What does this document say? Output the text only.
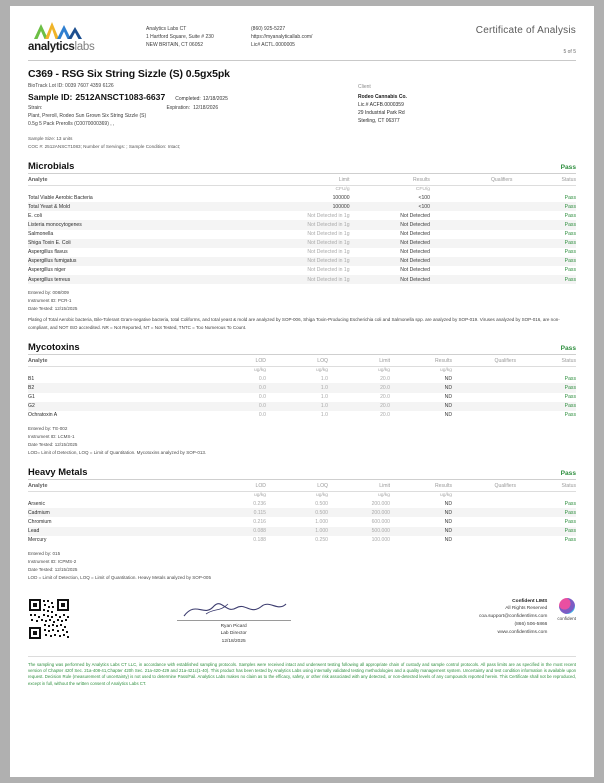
analyticslabs
Analytics Labs CT
1 Hartford Square, Suite # 230
NEW BRITAIN, CT 06052
(860) 925-5227
https://myanalyticallab.com/
Lic# ACTL.0000005
Certificate of Analysis
5 of 5
C369 - RSG Six String Sizzle (S) 0.5gx5pk
BioTrack Lot ID: 0039 7607 4359 6126
Sample ID: 2512ANSCT1083-6637 Completed: 12/18/2025
Strain:	Expiration: 12/18/2026
Plant, Preroll, Rodeo Sun Grown Six String Sizzle (S)
0.5g 5 Pack Prerolls (C0070000369) , ,
Sample Size: 13 units
COC #: 2512ANSCT1083; Number of Servings: ; Sample Condition: Intact;
Client
Rodeo Cannabis Co.
Lic.# ACFB.0000359
29 Industrial Park Rd
Sterling, CT 06377
Microbials	Pass
Analyte	Limit	Results	Qualifiers	Status
	CFU/g	CFU/g		
Total Viable Aerobic Bacteria	100000	<100		Pass
Total Yeast & Mold	100000	<100		Pass
E. coli	Not Detected in 1g	Not Detected		Pass
Listeria monocytogenes	Not Detected in 1g	Not Detected		Pass
Salmonella	Not Detected in 1g	Not Detected		Pass
Shiga Toxin E. Coli	Not Detected in 1g	Not Detected		Pass
Aspergillus flavus	Not Detected in 1g	Not Detected		Pass
Aspergillus fumigatus	Not Detected in 1g	Not Detected		Pass
Aspergillus niger	Not Detected in 1g	Not Detected		Pass
Aspergillus terreus	Not Detected in 1g	Not Detected		Pass
Entered by: 008/009
Instrument ID: PCR-1
Date Tested: 12/15/2025
Plating of Total Aerobic bacteria, Bile-Tolerant Gram-negative bacteria, total Coliforms, and total yeast & mold are analyzed by SOP-006, Shiga Toxin-Producing Escherichia coli and Salmonella spp. are analyzed by SOP-019. Viruses analyzed by SOP-016, are non-compliant, and NOT ISO accredited. NR = Not Reported, NT = Not Tested, TNTC = Too Numerous To Count.
Mycotoxins	Pass
Analyte	LOD	LOQ	Limit	Results	Qualifiers	Status
	ug/kg	ug/kg	ug/kg	ug/kg		
B1	0.0	1.0	20.0	ND		Pass
B2	0.0	1.0	20.0	ND		Pass
G1	0.0	1.0	20.0	ND		Pass
G2	0.0	1.0	20.0	ND		Pass
Ochratoxin A	0.0	1.0	20.0	ND		Pass
Entered by: TE-002
Instrument ID: LCMS-1
Date Tested: 12/15/2025
LOD= Limit of Detection, LOQ = Limit of Quantitation. Mycotoxins analyzed by SOP-013.
Heavy Metals	Pass
Analyte	LOD	LOQ	Limit	Results	Qualifiers	Status
	ug/kg	ug/kg	ug/kg	ug/kg		
Arsenic	0.236	0.500	200.000	ND		Pass
Cadmium	0.115	0.500	200.000	ND		Pass
Chromium	0.216	1.000	600.000	ND		Pass
Lead	0.088	1.000	500.000	ND		Pass
Mercury	0.188	0.250	100.000	ND		Pass
Entered by: 015
Instrument ID: ICPMS-2
Date Tested: 12/15/2025
LOD = Limit of Detection, LOQ = Limit of Quantitation. Heavy Metals analyzed by SOP-005
Ryan Picard
Lab Director
12/18/2025
Confident LIMS
All Rights Reserved
coa.support@confidentlims.com
(866) 506-5866
www.confidentlims.com
confident
The sampling was performed by Analytics Labs CT LLC, in accordance with established sampling protocols. Samples were received intact and underwent testing following all appropriate chain of custody and sample control protocols. All pass limits are as specified in the most recent version of Chapter 420f Sec. 21a-408-41,Chapter 420h Sec. 21a-420-429 and 21a-421c(1-40). This product has been tested by Analytics Labs using internally validated testing methodologies and a quality management system. Uncertainty and test condition information is available upon request. Decision Rule (measurement of uncertainty) is not used to determine Pass/Fail. Analytics Labs makes no claim as to the efficacy, safety, or other risk associated with any detected, or non-detected levels of any compounds reported herein. This Certificate shall not be reproduced, except in full, without the written consent of Analytics Labs CT.
